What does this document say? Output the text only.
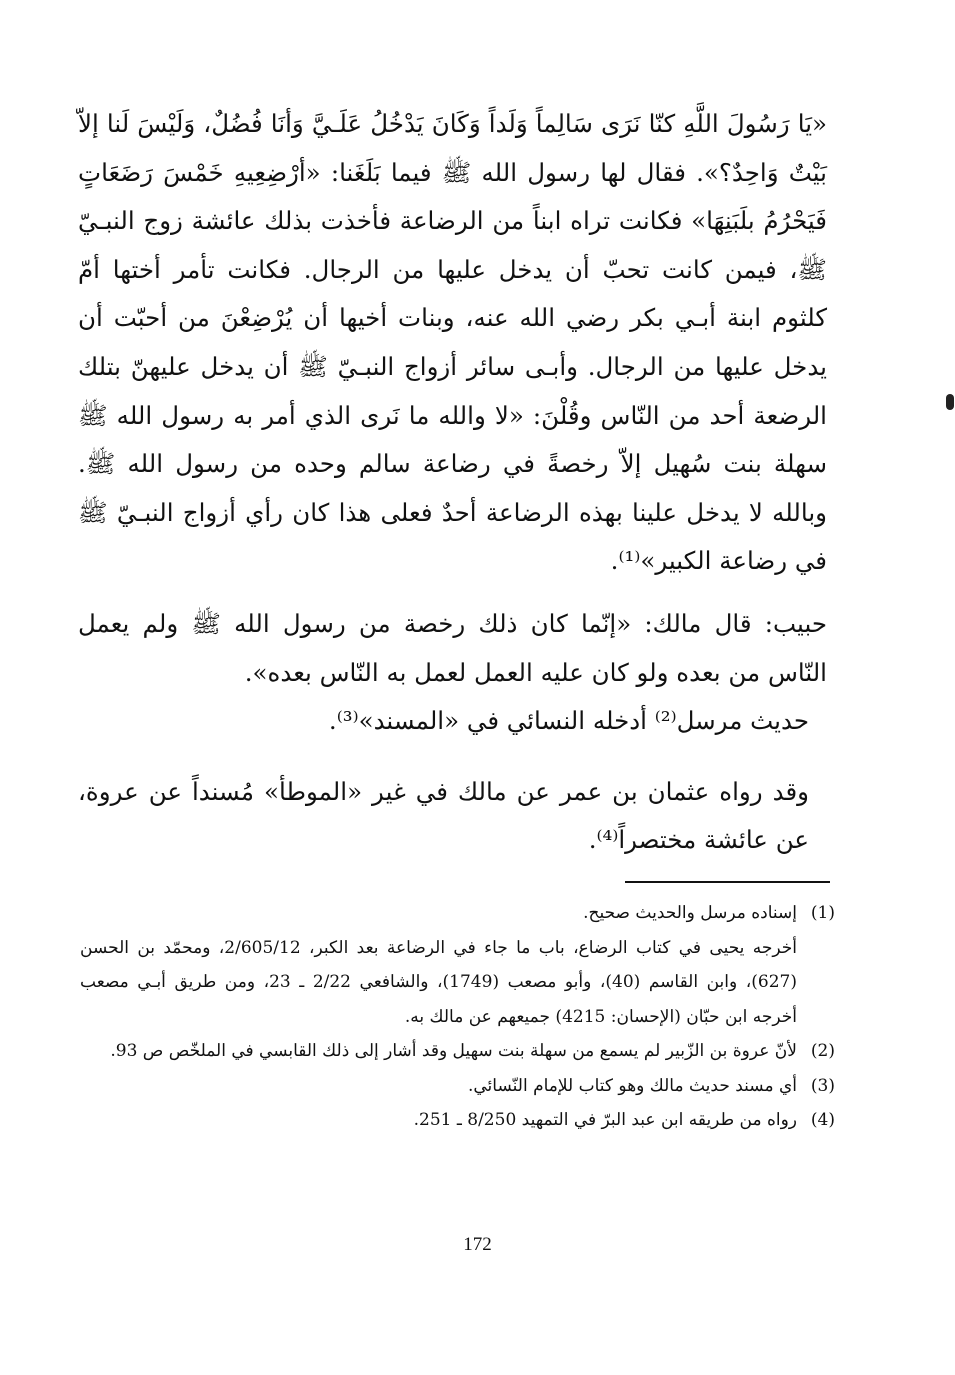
«يَا رَسُولَ اللَّهِ كنّا نَرَى سَالِماً وَلَداً وَكَانَ يَدْخُلُ عَلَـيَّ وَأنَا فُضُلٌ، وَلَيْسَ لَنا إلاّ بَيْتٌ وَاحِدٌ؟». فقال لها رسول الله ﷺ فيما بَلَغَنا: «أرْضِعِيهِ خَمْسَ رَضَعَاتٍ فَيَحْرُمُ بلَبَنِهَا» فكانت تراه ابناً من الرضاعة فأخذت بذلك عائشة زوج النبـيّ ﷺ، فيمن كانت تحبّ أن يدخل عليها من الرجال. فكانت تأمر أختها أمّ كلثوم ابنة أبـي بكر رضي الله عنه، وبنات أخيها أن يُرْضِعْنَ من أحبّت أن يدخل عليها من الرجال. وأبـى سائر أزواج النبـيّ ﷺ أن يدخل عليهنّ بتلك الرضعة أحد من النّاس وقُلْنَ: «لا والله ما نَرى الذي أمر به رسول الله ﷺ سهلة بنت سُهيل إلاّ رخصةً في رضاعة سالم وحده من رسول الله ﷺ. وبالله لا يدخل علينا بهذه الرضاعة أحدٌ فعلى هذا كان رأي أزواج النبـيّ ﷺ في رضاعة الكبير»⁽¹⁾.

حبيب: قال مالك: «إنّما كان ذلك رخصة من رسول الله ﷺ ولم يعمل النّاس من بعده ولو كان عليه العمل لعمل به النّاس بعده».

حديث مرسل⁽²⁾ أدخله النسائي في «المسند»⁽³⁾.

وقد رواه عثمان بن عمر عن مالك في غير «الموطأ» مُسنداً عن عروة، عن عائشة مختصراً⁽⁴⁾.

(1)
إسناده مرسل والحديث صحيح.
أخرجه يحيى في كتاب الرضاع، باب ما جاء في الرضاعة بعد الكبر، 2/605/12، ومحمّد بن الحسن (627)، وابن القاسم (40)، وأبو مصعب (1749)، والشافعي 2/22 ـ 23، ومن طريق أبـي مصعب أخرجه ابن حبّان (الإحسان: 4215) جميعهم عن مالك به.
(2)
لأنّ عروة بن الزّبير لم يسمع من سهلة بنت سهيل وقد أشار إلى ذلك القابسي في الملخّص ص 93.
(3)
أي مسند حديث مالك وهو كتاب للإمام النّسائي.
(4)
رواه من طريقه ابن عبد البرّ في التمهيد 8/250 ـ 251.
172
